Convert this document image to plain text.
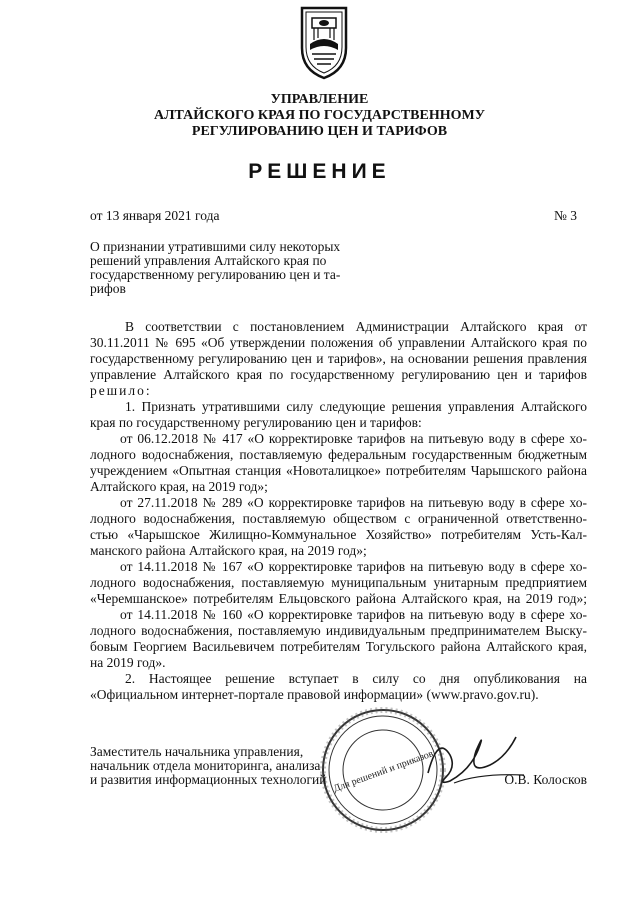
УПРАВЛЕНИЕ
АЛТАЙСКОГО КРАЯ ПО ГОСУДАРСТВЕННОМУ
РЕГУЛИРОВАНИЮ ЦЕН И ТАРИФОВ
РЕШЕНИЕ
от 13 января 2021 года	№ 3
О признании утратившими силу некоторых
решений управления Алтайского края по
государственному регулированию цен и та-
рифов
В соответствии с постановлением Администрации Алтайского края от
30.11.2011 № 695 «Об утверждении положения об управлении Алтайского края по
государственному регулированию цен и тарифов», на основании решения правления
управление Алтайского края по государственному регулированию цен и тарифов
решило:
1. Признать утратившими силу следующие решения управления Алтайского
края по государственному регулированию цен и тарифов:
от 06.12.2018 № 417 «О корректировке тарифов на питьевую воду в сфере хо-
лодного водоснабжения, поставляемую федеральным государственным бюджетным
учреждением «Опытная станция «Новоталицкое» потребителям Чарышского района
Алтайского края, на 2019 год»;
от 27.11.2018 № 289 «О корректировке тарифов на питьевую воду в сфере хо-
лодного водоснабжения, поставляемую обществом с ограниченной ответственно-
стью «Чарышское Жилищно-Коммунальное Хозяйство» потребителям Усть-Кал-
манского района Алтайского края, на 2019 год»;
от 14.11.2018 № 167 «О корректировке тарифов на питьевую воду в сфере хо-
лодного водоснабжения, поставляемую муниципальным унитарным предприятием
«Черемшанское» потребителям Ельцовского района Алтайского края, на 2019 год»;
от 14.11.2018 № 160 «О корректировке тарифов на питьевую воду в сфере хо-
лодного водоснабжения, поставляемую индивидуальным предпринимателем Выску-
бовым Георгием Васильевичем потребителям Тогульского района Алтайского края,
на 2019 год».
2. Настоящее решение вступает в силу со дня опубликования на
«Официальном интернет-портале правовой информации» (www.pravo.gov.ru).
Для решений и приказов
Заместитель начальника управления,
начальник отдела мониторинга, анализа
и развития информационных технологий	О.В. Колосков
